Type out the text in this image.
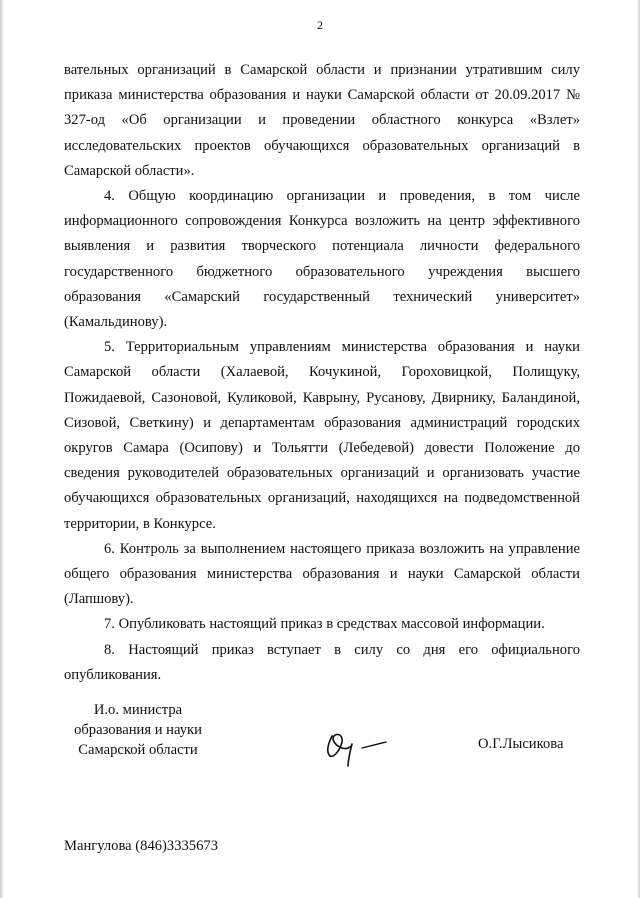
2

вательных организаций в Самарской области и признании утратившим силу приказа министерства образования и науки Самарской области от 20.09.2017 № 327-од «Об организации и проведении областного конкурса «Взлет» исследовательских проектов обучающихся образовательных организаций в Самарской области».

4. Общую координацию организации и проведения, в том числе информационного сопровождения Конкурса возложить на центр эффективного выявления и развития творческого потенциала личности федерального государственного бюджетного образовательного учреждения высшего образования «Самарский государственный технический университет» (Камальдинову).

5. Территориальным управлениям министерства образования и науки Самарской области (Халаевой, Кочукиной, Гороховицкой, Полищуку, Пожидаевой, Сазоновой, Куликовой, Каврыну, Русанову, Двирнику, Баландиной, Сизовой, Светкину) и департаментам образования администраций городских округов Самара (Осипову) и Тольятти (Лебедевой) довести Положение до сведения руководителей образовательных организаций и организовать участие обучающихся образовательных организаций, находящихся на подведомственной территории, в Конкурсе.

6. Контроль за выполнением настоящего приказа возложить на управление общего образования министерства образования и науки Самарской области (Лапшову).

7. Опубликовать настоящий приказ в средствах массовой информации.

8. Настоящий приказ вступает в силу со дня его официального опубликования.

И.о. министра
образования и науки
Самарской области	О.Г.Лысикова
Мангулова (846)3335673
